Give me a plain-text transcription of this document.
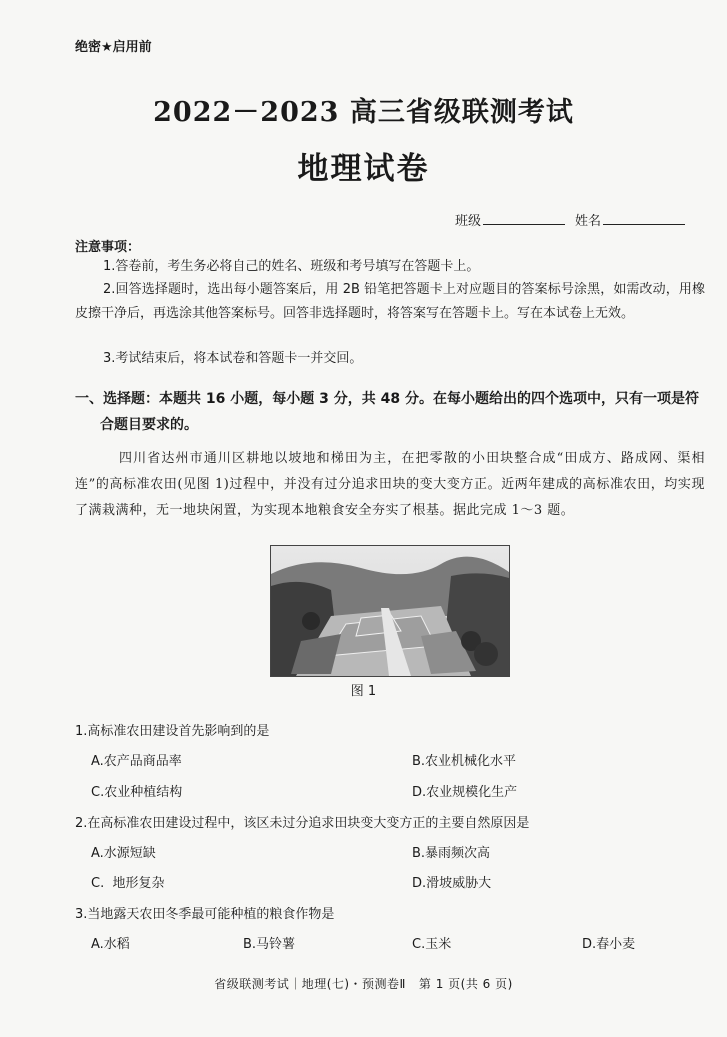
绝密★启用前
2022－2023 高三省级联测考试
地理试卷
班级	姓名
注意事项：
1.答卷前，考生务必将自己的姓名、班级和考号填写在答题卡上。
2.回答选择题时，选出每小题答案后，用 2B 铅笔把答题卡上对应题目的答案标号涂黑，如需改动，用橡皮擦干净后，再选涂其他答案标号。回答非选择题时，将答案写在答题卡上。写在本试卷上无效。
3.考试结束后，将本试卷和答题卡一并交回。
一、选择题：本题共 16 小题，每小题 3 分，共 48 分。在每小题给出的四个选项中，只有一项是符
合题目要求的。
四川省达州市通川区耕地以坡地和梯田为主，在把零散的小田块整合成“田成方、路成网、渠相连”的高标准农田(见图 1)过程中，并没有过分追求田块的变大变方正。近两年建成的高标准农田，均实现了满栽满种，无一地块闲置，为实现本地粮食安全夯实了根基。据此完成 1～3 题。
图 1
1.高标准农田建设首先影响到的是
A.农产品商品率	B.农业机械化水平
C.农业种植结构	D.农业规模化生产
2.在高标准农田建设过程中，该区未过分追求田块变大变方正的主要自然原因是
A.水源短缺	B.暴雨频次高
C.  地形复杂	D.滑坡威胁大
3.当地露天农田冬季最可能种植的粮食作物是
A.水稻	B.马铃薯	C.玉米	D.春小麦
省级联测考试｜地理(七)・预测卷Ⅱ   第 1 页(共 6 页)
